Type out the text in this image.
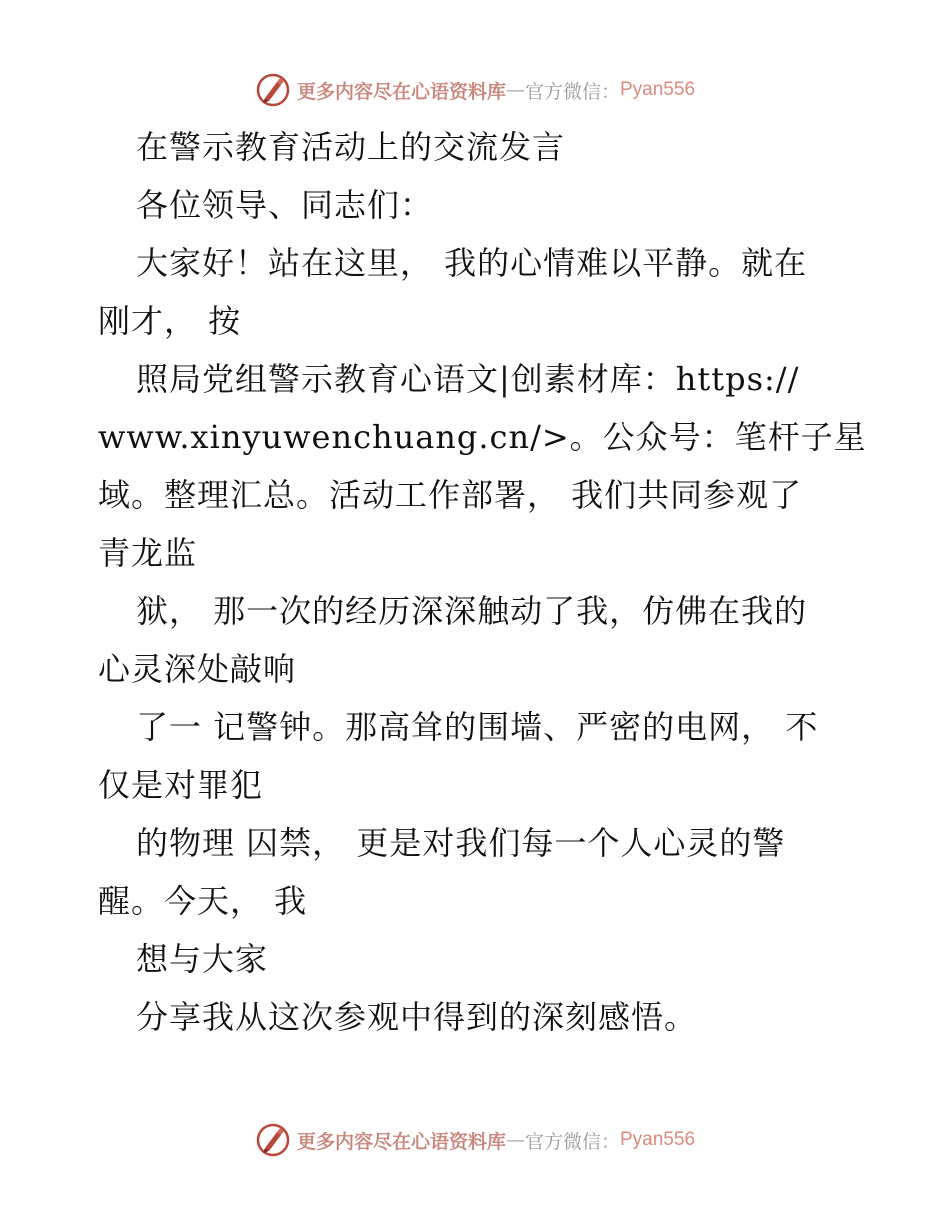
更多内容尽在心语资料库 — 官方微信： Pyan556
在警示教育活动上的交流发言
各位领导、同志们：
大家好！站在这里， 我的心情难以平静。就在
刚才， 按
照局党组警示教育心语文|创素材库：https://
www.xinyuwenchuang.cn/>。公众号：笔杆子星
域。整理汇总。活动工作部署， 我们共同参观了
青龙监
狱， 那一次的经历深深触动了我，仿佛在我的
心灵深处敲响
了一 记警钟。那高耸的围墙、严密的电网， 不
仅是对罪犯
的物理 囚禁， 更是对我们每一个人心灵的警
醒。今天， 我
想与大家
分享我从这次参观中得到的深刻感悟。
更多内容尽在心语资料库 — 官方微信： Pyan556
